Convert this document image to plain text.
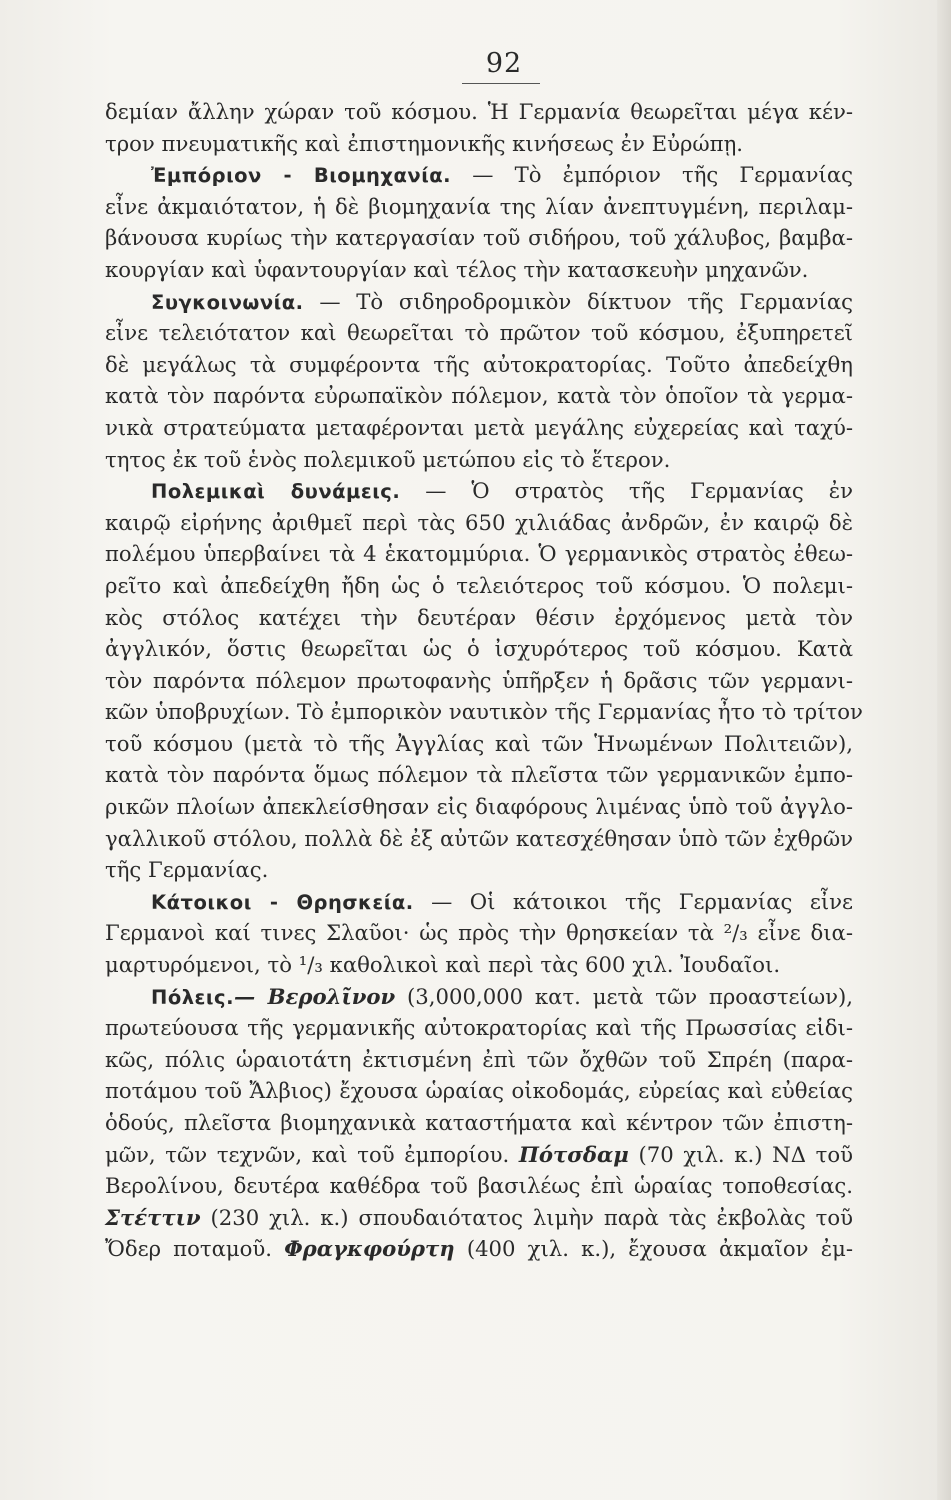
92
δεμίαν ἄλλην χώραν τοῦ κόσμου. Ἡ Γερμανία θεωρεῖται μέγα κέν-
τρον πνευματικῆς καὶ ἐπιστημονικῆς κινήσεως ἐν Εὐρώπῃ.
Ἐμπόριον - Βιομηχανία. — Τὸ ἐμπόριον τῆς Γερμανίας
εἶνε ἀκμαιότατον, ἡ δὲ βιομηχανία της λίαν ἀνεπτυγμένη, περιλαμ-
βάνουσα κυρίως τὴν κατεργασίαν τοῦ σιδήρου, τοῦ χάλυβος, βαμβα-
κουργίαν καὶ ὑφαντουργίαν καὶ τέλος τὴν κατασκευὴν μηχανῶν.
Συγκοινωνία. — Τὸ σιδηροδρομικὸν δίκτυον τῆς Γερμανίας
εἶνε τελειότατον καὶ θεωρεῖται τὸ πρῶτον τοῦ κόσμου, ἐξυπηρετεῖ
δὲ μεγάλως τὰ συμφέροντα τῆς αὐτοκρατορίας. Τοῦτο ἀπεδείχθη
κατὰ τὸν παρόντα εὐρωπαϊκὸν πόλεμον, κατὰ τὸν ὁποῖον τὰ γερμα-
νικὰ στρατεύματα μεταφέρονται μετὰ μεγάλης εὐχερείας καὶ ταχύ-
τητος ἐκ τοῦ ἑνὸς πολεμικοῦ μετώπου εἰς τὸ ἕτερον.
Πολεμικαὶ δυνάμεις. — Ὁ στρατὸς τῆς Γερμανίας ἐν
καιρῷ εἰρήνης ἀριθμεῖ περὶ τὰς 650 χιλιάδας ἀνδρῶν, ἐν καιρῷ δὲ
πολέμου ὑπερβαίνει τὰ 4 ἑκατομμύρια. Ὁ γερμανικὸς στρατὸς ἐθεω-
ρεῖτο καὶ ἀπεδείχθη ἤδη ὡς ὁ τελειότερος τοῦ κόσμου. Ὁ πολεμι-
κὸς στόλος κατέχει τὴν δευτέραν θέσιν ἐρχόμενος μετὰ τὸν
ἀγγλικόν, ὅστις θεωρεῖται ὡς ὁ ἰσχυρότερος τοῦ κόσμου. Κατὰ
τὸν παρόντα πόλεμον πρωτοφανὴς ὑπῆρξεν ἡ δρᾶσις τῶν γερμανι-
κῶν ὑποβρυχίων. Τὸ ἐμπορικὸν ναυτικὸν τῆς Γερμανίας ἦτο τὸ τρίτον
τοῦ κόσμου (μετὰ τὸ τῆς Ἀγγλίας καὶ τῶν Ἡνωμένων Πολιτειῶν),
κατὰ τὸν παρόντα ὅμως πόλεμον τὰ πλεῖστα τῶν γερμανικῶν ἐμπο-
ρικῶν πλοίων ἀπεκλείσθησαν εἰς διαφόρους λιμένας ὑπὸ τοῦ ἀγγλο-
γαλλικοῦ στόλου, πολλὰ δὲ ἐξ αὐτῶν κατεσχέθησαν ὑπὸ τῶν ἐχθρῶν
τῆς Γερμανίας.
Κάτοικοι - Θρησκεία. — Οἱ κάτοικοι τῆς Γερμανίας εἶνε
Γερμανοὶ καί τινες Σλαῦοι· ὡς πρὸς τὴν θρησκείαν τὰ ²/₃ εἶνε δια-
μαρτυρόμενοι, τὸ ¹/₃ καθολικοὶ καὶ περὶ τὰς 600 χιλ. Ἰουδαῖοι.
Πόλεις.— Βερολῖνον (3,000,000 κατ. μετὰ τῶν προαστείων),
πρωτεύουσα τῆς γερμανικῆς αὐτοκρατορίας καὶ τῆς Πρωσσίας εἰδι-
κῶς, πόλις ὡραιοτάτη ἐκτισμένη ἐπὶ τῶν ὄχθῶν τοῦ Σπρέη (παρα-
ποτάμου τοῦ Ἄλβιος) ἔχουσα ὡραίας οἰκοδομάς, εὐρείας καὶ εὐθείας
ὁδούς, πλεῖστα βιομηχανικὰ καταστήματα καὶ κέντρον τῶν ἐπιστη-
μῶν, τῶν τεχνῶν, καὶ τοῦ ἐμπορίου. Πότσδαμ (70 χιλ. κ.) ΝΔ τοῦ
Βερολίνου, δευτέρα καθέδρα τοῦ βασιλέως ἐπὶ ὡραίας τοποθεσίας.
Στέττιν (230 χιλ. κ.) σπουδαιότατος λιμὴν παρὰ τὰς ἐκβολὰς τοῦ
Ὄδερ ποταμοῦ. Φραγκφούρτη (400 χιλ. κ.), ἔχουσα ἀκμαῖον ἐμ-
